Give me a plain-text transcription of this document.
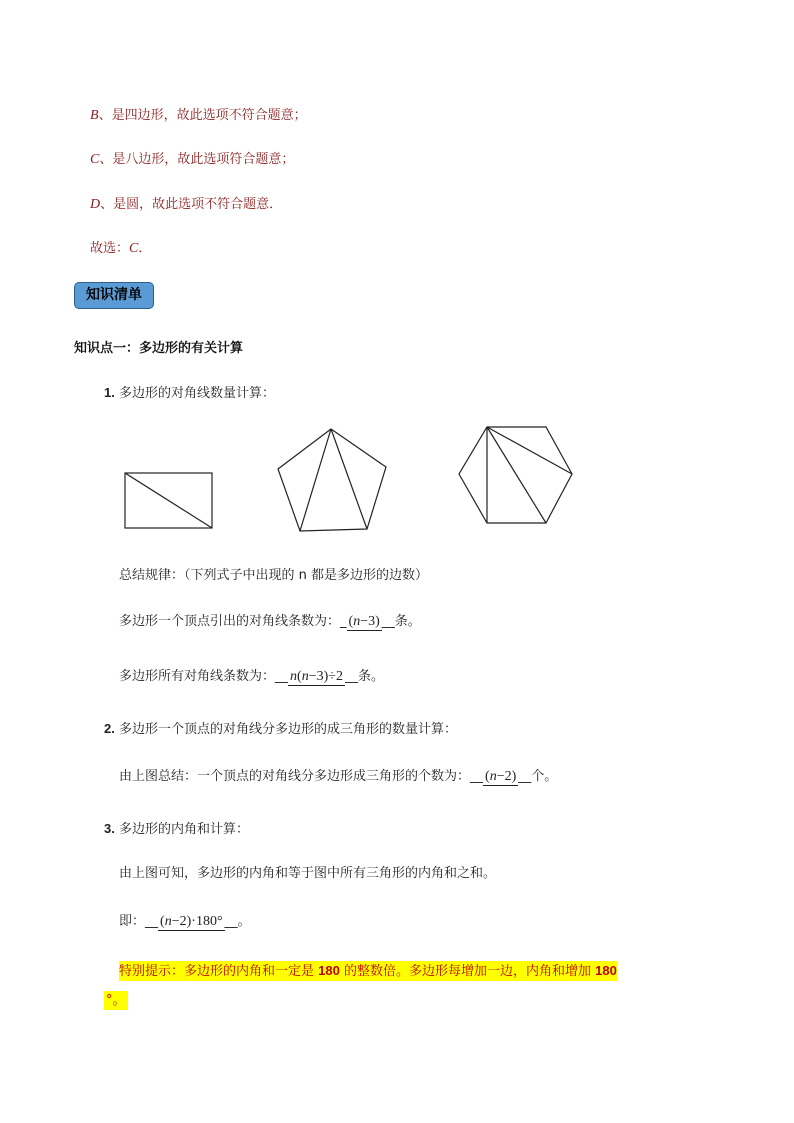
B、是四边形，故此选项不符合题意；
C、是八边形，故此选项符合题意；
D、是圆，故此选项不符合题意．
故选：C．
知识清单
知识点一：多边形的有关计算
1. 多边形的对角线数量计算：
总结规律：（下列式子中出现的 n 都是多边形的边数）
多边形一个顶点引出的对角线条数为：_ (n−3) __条。
多边形所有对角线条数为：__ n(n−3)÷2 __条。
2. 多边形一个顶点的对角线分多边形的成三角形的数量计算：
由上图总结：一个顶点的对角线分多边形成三角形的个数为：__ (n−2) __个。
3. 多边形的内角和计算：
由上图可知，多边形的内角和等于图中所有三角形的内角和之和。
即：__ (n−2)·180° __。
特别提示：多边形的内角和一定是 180 的整数倍。多边形每增加一边，内角和增加 180
°。
